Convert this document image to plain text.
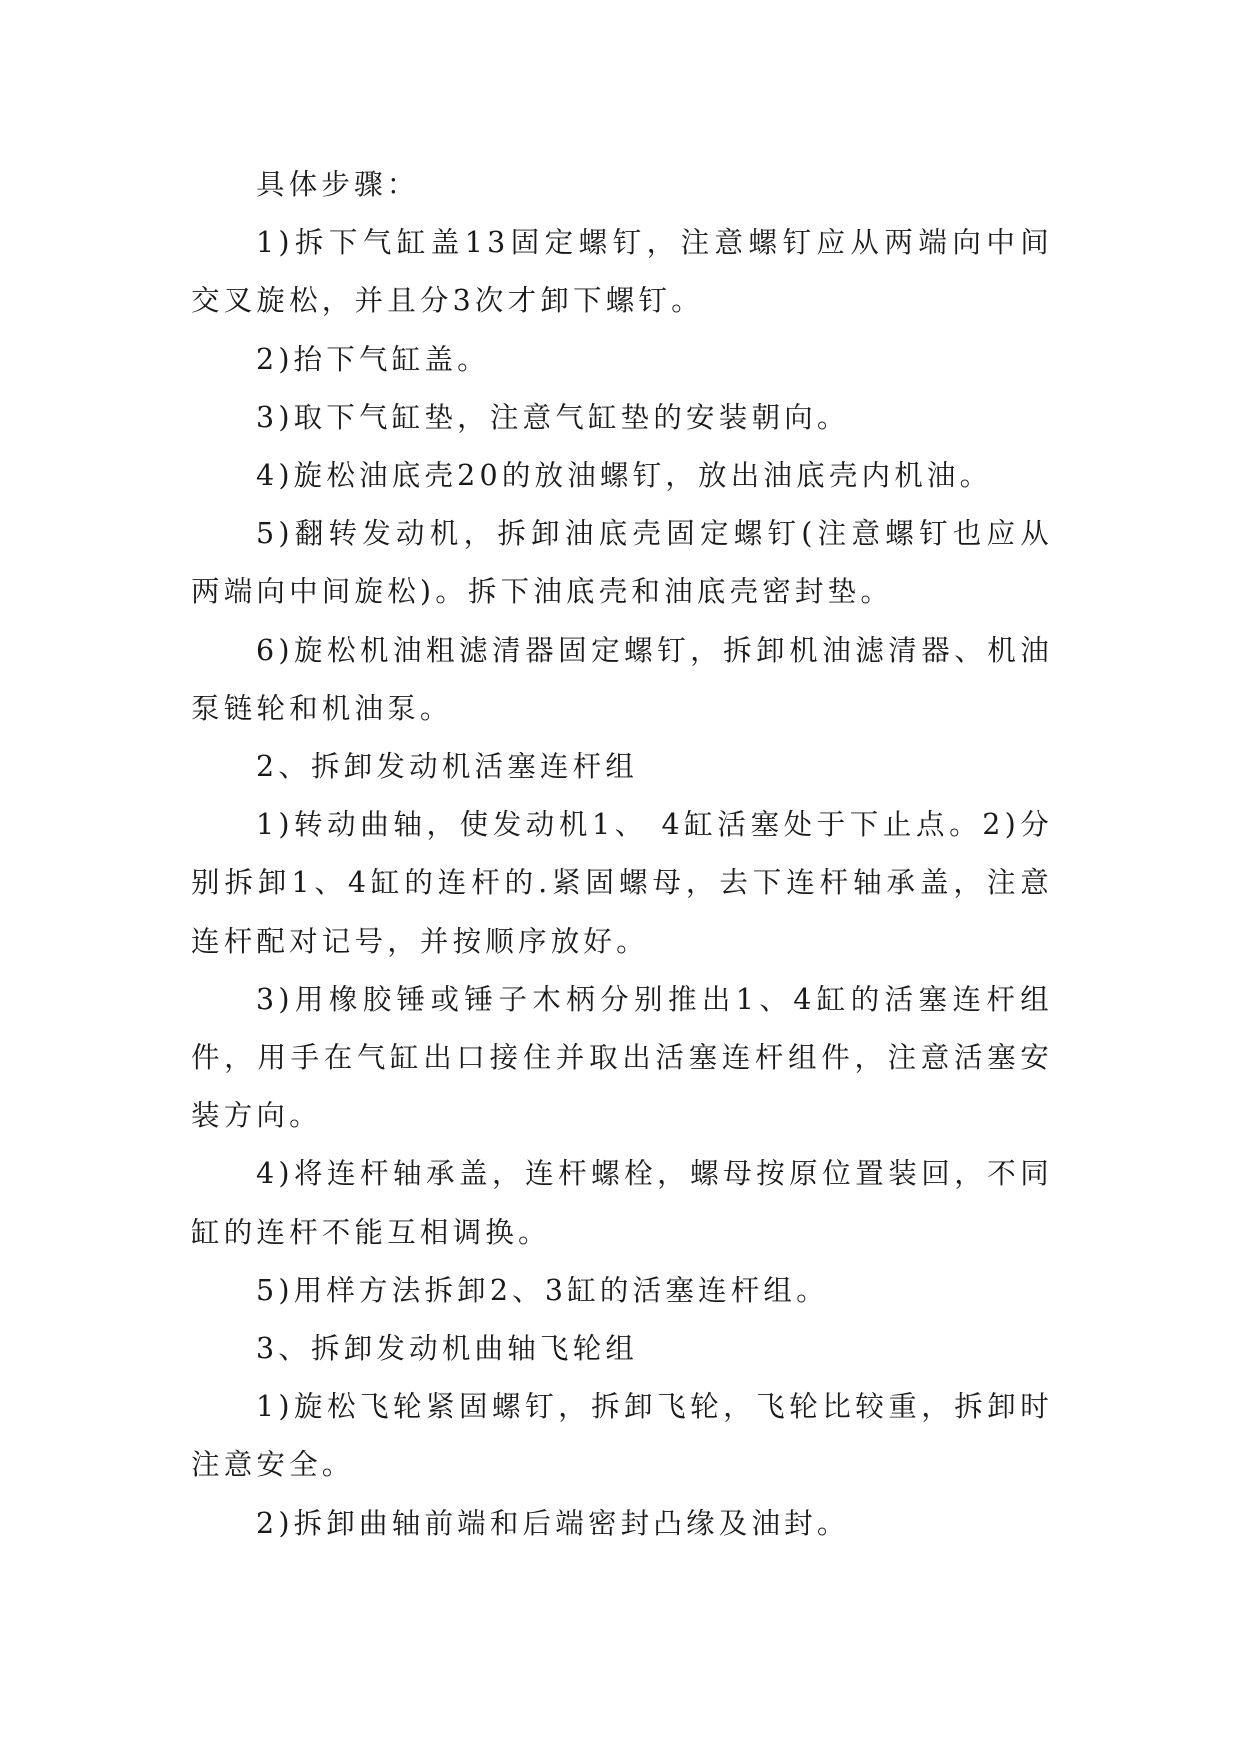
具体步骤：

1)拆下气缸盖13固定螺钉，注意螺钉应从两端向中间交叉旋松，并且分3次才卸下螺钉。

2)抬下气缸盖。

3)取下气缸垫，注意气缸垫的安装朝向。

4)旋松油底壳20的放油螺钉，放出油底壳内机油。

5)翻转发动机，拆卸油底壳固定螺钉(注意螺钉也应从两端向中间旋松)。拆下油底壳和油底壳密封垫。

6)旋松机油粗滤清器固定螺钉，拆卸机油滤清器、机油泵链轮和机油泵。

2、拆卸发动机活塞连杆组

1)转动曲轴，使发动机1、 4缸活塞处于下止点。2)分别拆卸1、4缸的连杆的.紧固螺母，去下连杆轴承盖，注意连杆配对记号，并按顺序放好。

3)用橡胶锤或锤子木柄分别推出1、4缸的活塞连杆组件，用手在气缸出口接住并取出活塞连杆组件，注意活塞安装方向。

4)将连杆轴承盖，连杆螺栓，螺母按原位置装回，不同缸的连杆不能互相调换。

5)用样方法拆卸2、3缸的活塞连杆组。

3、拆卸发动机曲轴飞轮组

1)旋松飞轮紧固螺钉，拆卸飞轮，飞轮比较重，拆卸时注意安全。

2)拆卸曲轴前端和后端密封凸缘及油封。
